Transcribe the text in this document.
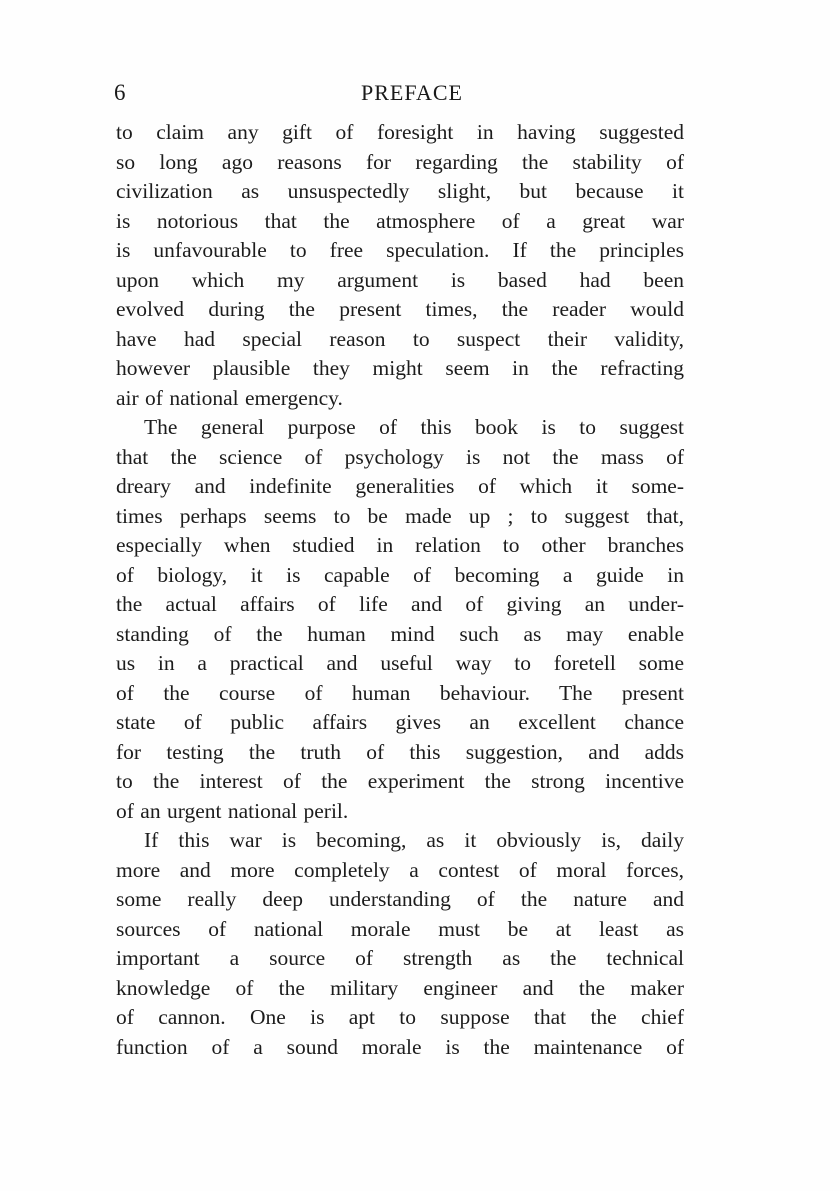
6	PREFACE
to claim any gift of foresight in having suggested
so long ago reasons for regarding the stability of
civilization as unsuspectedly slight, but because it
is notorious that the atmosphere of a great war
is unfavourable to free speculation. If the principles
upon which my argument is based had been
evolved during the present times, the reader would
have had special reason to suspect their validity,
however plausible they might seem in the refracting
air of national emergency.
The general purpose of this book is to suggest
that the science of psychology is not the mass of
dreary and indefinite generalities of which it some-
times perhaps seems to be made up ; to suggest that,
especially when studied in relation to other branches
of biology, it is capable of becoming a guide in
the actual affairs of life and of giving an under-
standing of the human mind such as may enable
us in a practical and useful way to foretell some
of the course of human behaviour. The present
state of public affairs gives an excellent chance
for testing the truth of this suggestion, and adds
to the interest of the experiment the strong incentive
of an urgent national peril.
If this war is becoming, as it obviously is, daily
more and more completely a contest of moral forces,
some really deep understanding of the nature and
sources of national morale must be at least as
important a source of strength as the technical
knowledge of the military engineer and the maker
of cannon. One is apt to suppose that the chief
function of a sound morale is the maintenance of
